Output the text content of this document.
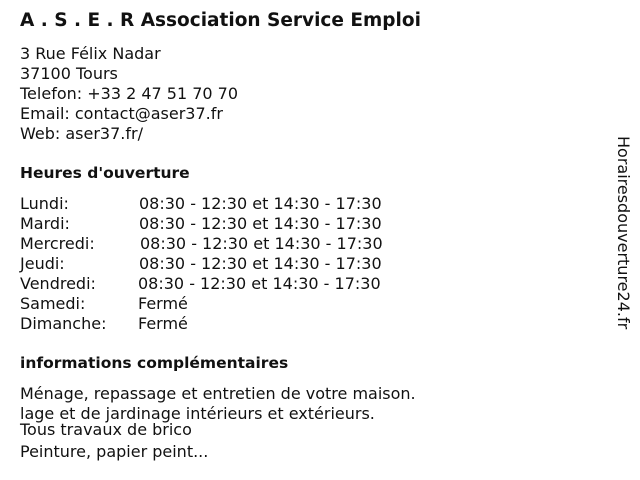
A . S . E . R Association Service Emploi
3 Rue Félix Nadar
37100 Tours
Telefon: +33 2 47 51 70 70
Email: contact@aser37.fr
Web: aser37.fr/
Heures d'ouverture
Lundi:	08:30 - 12:30 et 14:30 - 17:30
Mardi:	08:30 - 12:30 et 14:30 - 17:30
Mercredi:	08:30 - 12:30 et 14:30 - 17:30
Jeudi:	08:30 - 12:30 et 14:30 - 17:30
Vendredi:	08:30 - 12:30 et 14:30 - 17:30
Samedi:	Fermé
Dimanche: Fermé
informations complémentaires
Ménage, repassage et entretien de votre maison.
lage et de jardinage intérieurs et extérieurs.
Tous travaux de brico
Peinture, papier peint...
Horairesdouverture24.fr
